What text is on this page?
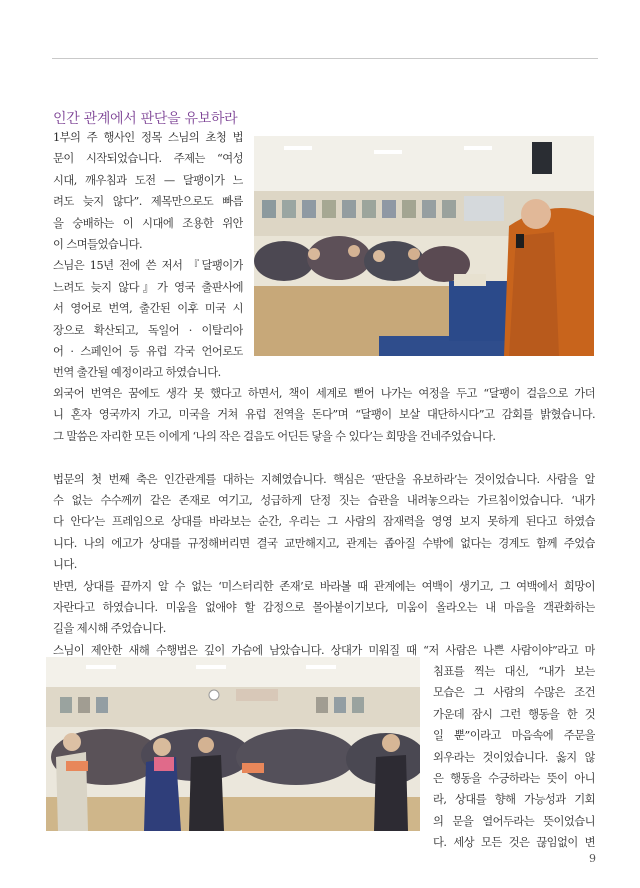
인간 관계에서 판단을 유보하라
1부의 주 행사인 정목 스님의 초청 법
문이 시작되었습니다. 주제는 “여성
시대, 깨우침과 도전 — 달팽이가 느
려도 늦지 않다”. 제목만으로도 빠름
을 숭배하는 이 시대에 조용한 위안
이 스며들었습니다.
스님은 15년 전에 쓴 저서 『달팽이가
느려도 늦지 않다』가 영국 출판사에
서 영어로 번역, 출간된 이후 미국 시
장으로 확산되고, 독일어 · 이탈리아
어 · 스페인어 등 유럽 각국 언어로도
번역 출간될 예정이라고 하였습니다.
외국어 번역은 꿈에도 생각 못 했다고 하면서, 책이 세계로 뻗어 나가는 여정을 두고 “달팽이 걸음으로 가더
니 혼자 영국까지 가고, 미국을 거쳐 유럽 전역을 돈다”며 “달팽이 보살 대단하시다”고 감회를 밝혔습니다.
그 말씀은 자리한 모든 이에게 ‘나의 작은 걸음도 어딘든 닿을 수 있다’는 희망을 건네주었습니다.
법문의 첫 번째 축은 인간관계를 대하는 지혜였습니다. 핵심은 ‘판단을 유보하라’는 것이었습니다. 사람을 알
수 없는 수수께끼 같은 존재로 여기고, 성급하게 단정 짓는 습관을 내려놓으라는 가르침이었습니다. ‘내가
다 안다’는 프레임으로 상대를 바라보는 순간, 우리는 그 사람의 잠재력을 영영 보지 못하게 된다고 하였습
니다. 나의 에고가 상대를 규정해버리면 결국 교만해지고, 관계는 좁아질 수밖에 없다는 경계도 함께 주었습
니다.
반면, 상대를 끝까지 알 수 없는 ‘미스터리한 존재’로 바라볼 때 관계에는 여백이 생기고, 그 여백에서 희망이
자란다고 하였습니다. 미움을 없애야 할 감정으로 몰아붙이기보다, 미움이 올라오는 내 마음을 객관화하는
길을 제시해 주었습니다.
스님이 제안한 새해 수행법은 깊이 가슴에 남았습니다. 상대가 미워질 때 “저 사람은 나쁜 사람이야”라고 마
침표를 찍는 대신, “내가 보는
모습은 그 사람의 수많은 조건
가운데 잠시 그런 행동을 한 것
일 뿐”이라고 마음속에 주문을
외우라는 것이었습니다. 옳지 않
은 행동을 수긍하라는 뜻이 아니
라, 상대를 향해 가능성과 기회
의 문을 열어두라는 뜻이었습니
다. 세상 모든 것은 끊임없이 변
9
